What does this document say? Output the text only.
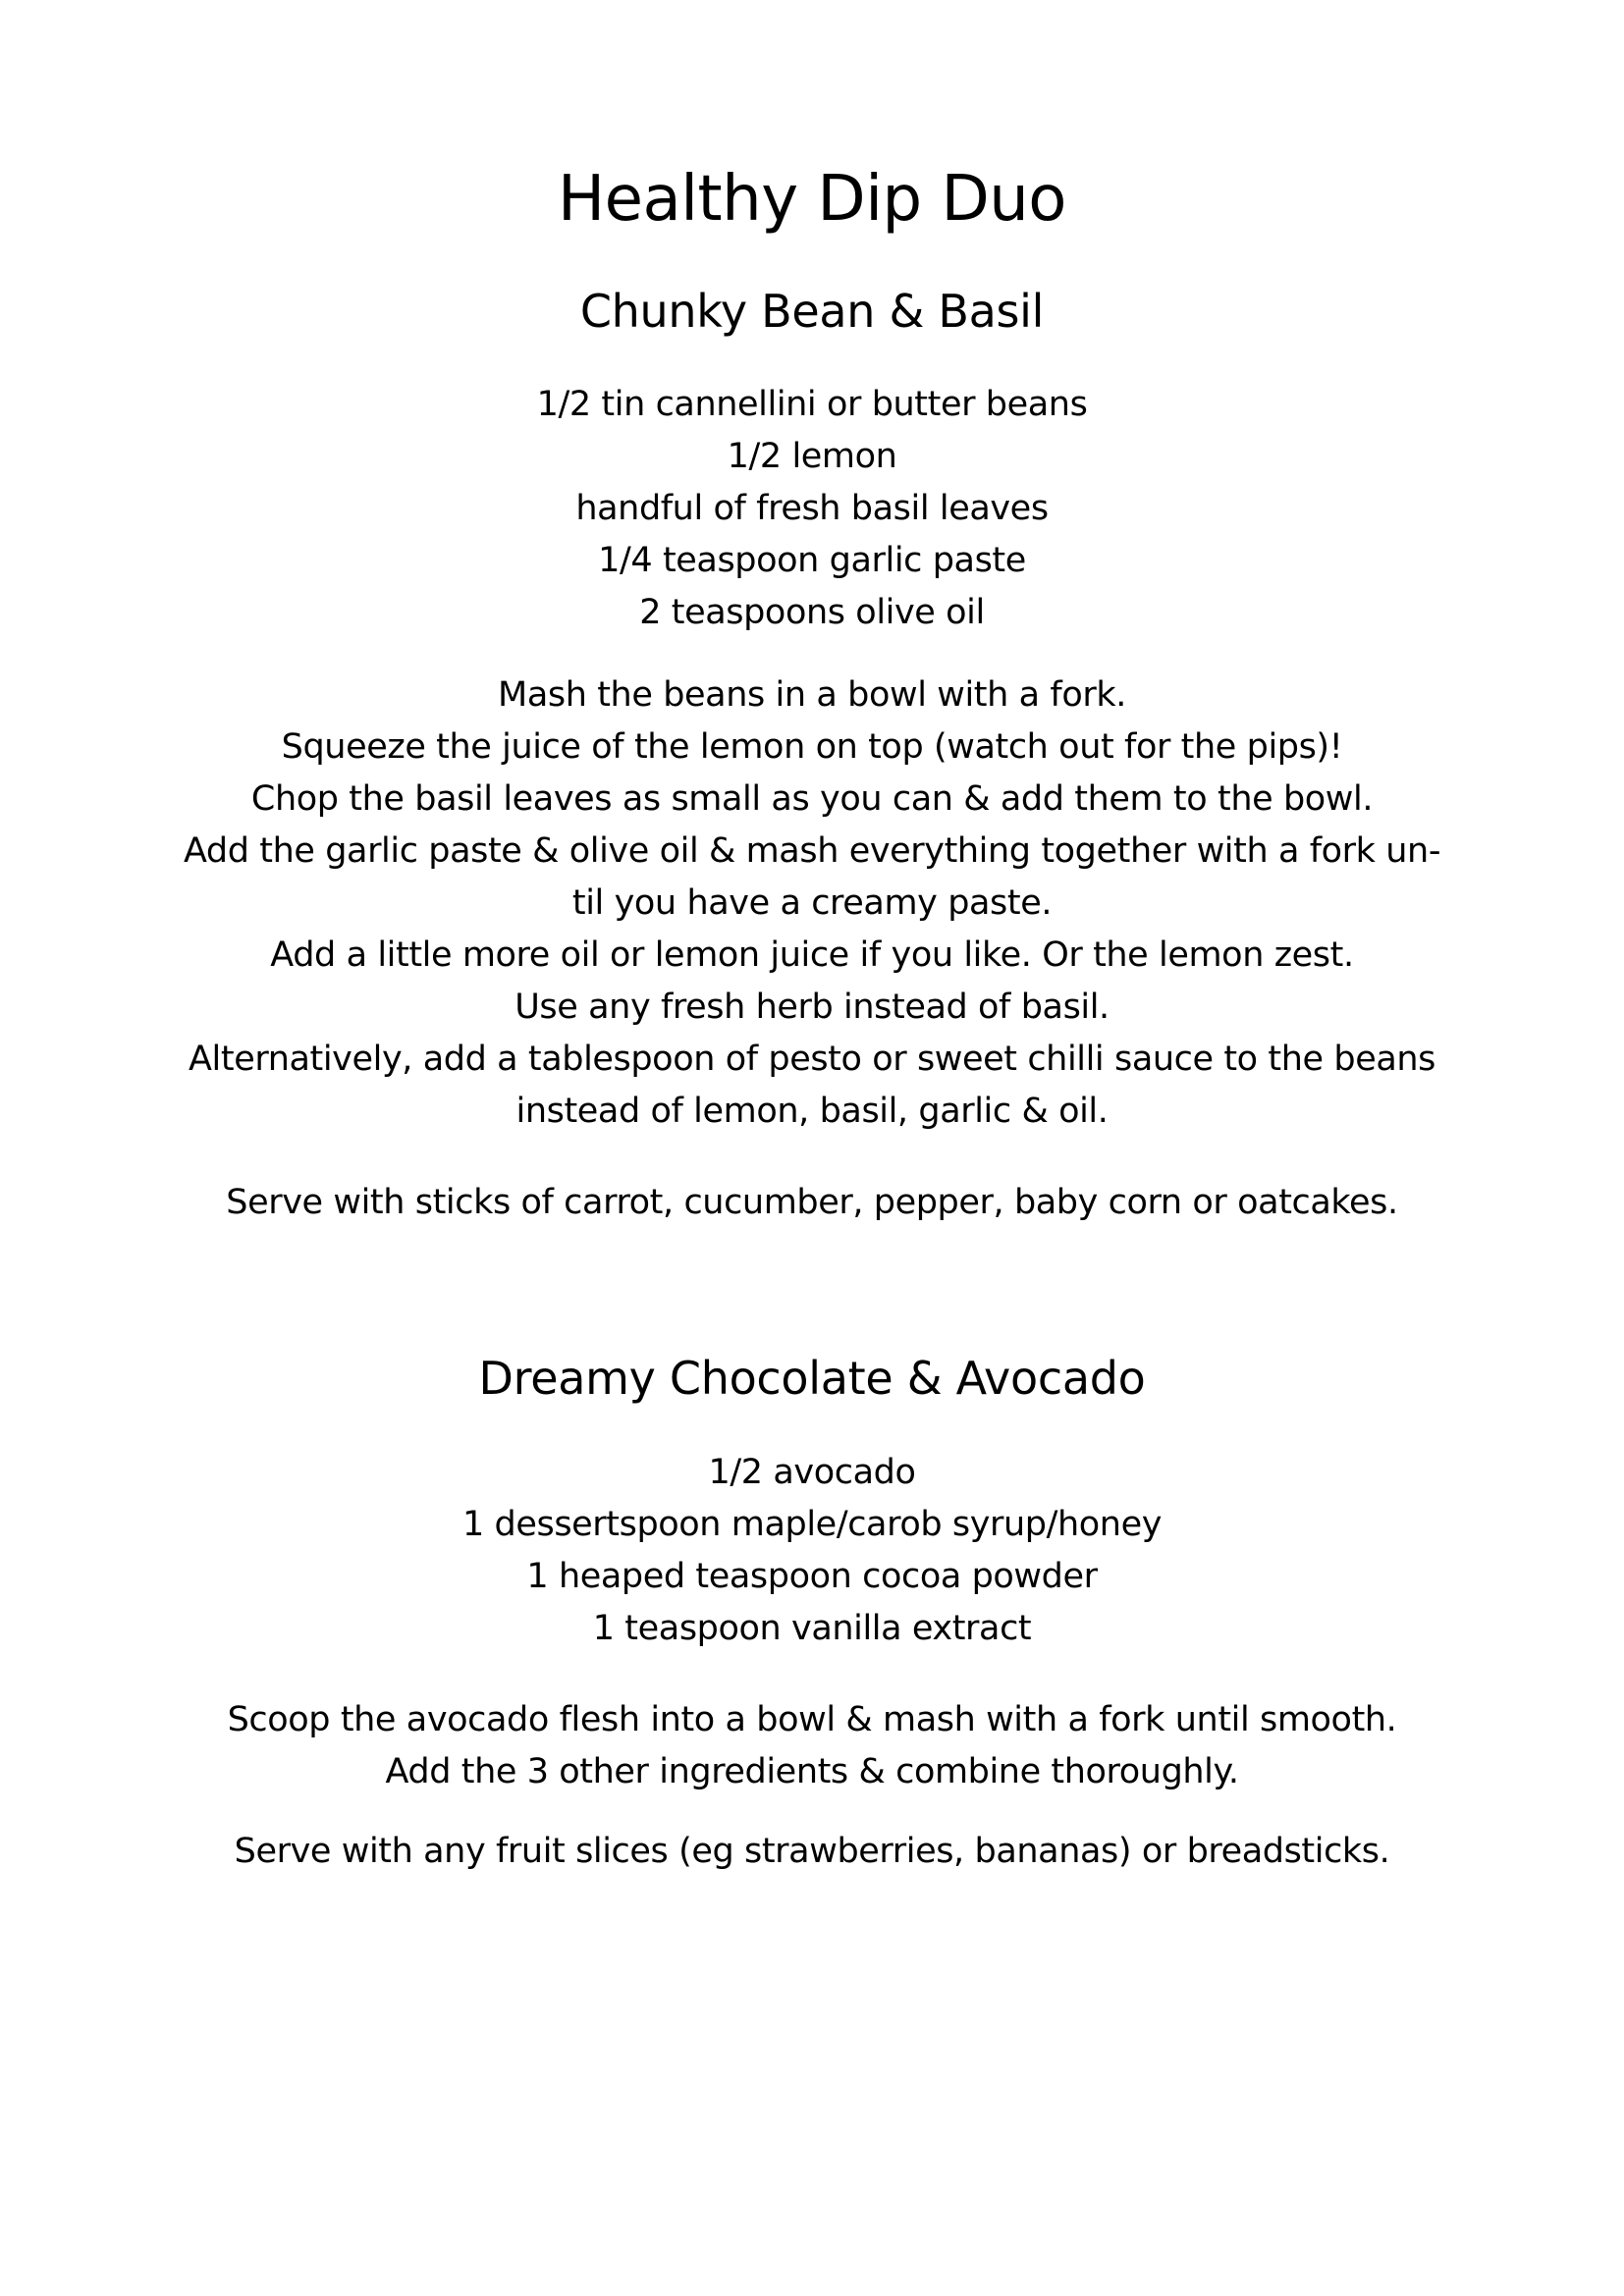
Healthy Dip Duo
Chunky Bean & Basil
1/2 tin cannellini or butter beans
1/2 lemon
handful of fresh basil leaves
1/4 teaspoon garlic paste
2 teaspoons olive oil

Mash the beans in a bowl with a fork.

Squeeze the juice of the lemon on top (watch out for the pips)!

Chop the basil leaves as small as you can & add them to the bowl.

Add the garlic paste & olive oil & mash everything together with a fork un-

til you have a creamy paste.

Add a little more oil or lemon juice if you like. Or the lemon zest.

Use any fresh herb instead of basil.

Alternatively, add a tablespoon of pesto or sweet chilli sauce to the beans

instead of lemon, basil, garlic & oil.

Serve with sticks of carrot, cucumber, pepper, baby corn or oatcakes.

Dreamy Chocolate & Avocado
1/2 avocado
1 dessertspoon maple/carob syrup/honey
1 heaped teaspoon cocoa powder
1 teaspoon vanilla extract

Scoop the avocado flesh into a bowl & mash with a fork until smooth.

Add the 3 other ingredients & combine thoroughly.

Serve with any fruit slices (eg strawberries, bananas) or breadsticks.
